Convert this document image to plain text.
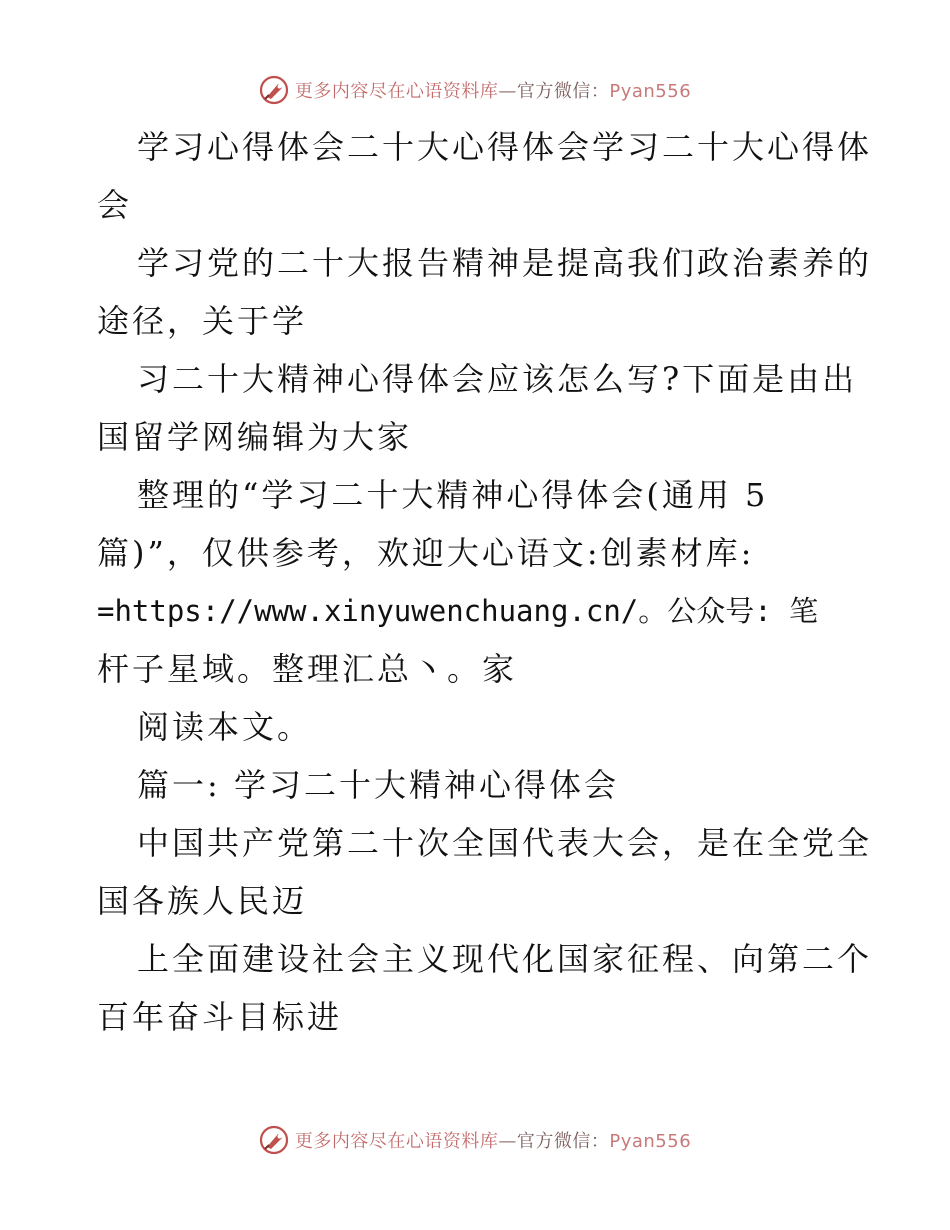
更多内容尽在心语资料库—官方微信：Pyan556
学习心得体会二十大心得体会学习二十大心得体
会
学习党的二十大报告精神是提高我们政治素养的
途径，关于学
习二十大精神心得体会应该怎么写?下面是由出
国留学网编辑为大家
整理的“学习二十大精神心得体会(通用 5
篇)”，仅供参考，欢迎大心语文:创素材库:
=https://www.xinyuwenchuang.cn/。公众号: 笔
杆子星域。整理汇总丶。家
阅读本文。
篇一: 学习二十大精神心得体会
中国共产党第二十次全国代表大会，是在全党全
国各族人民迈
上全面建设社会主义现代化国家征程、向第二个
百年奋斗目标进
更多内容尽在心语资料库—官方微信：Pyan556
